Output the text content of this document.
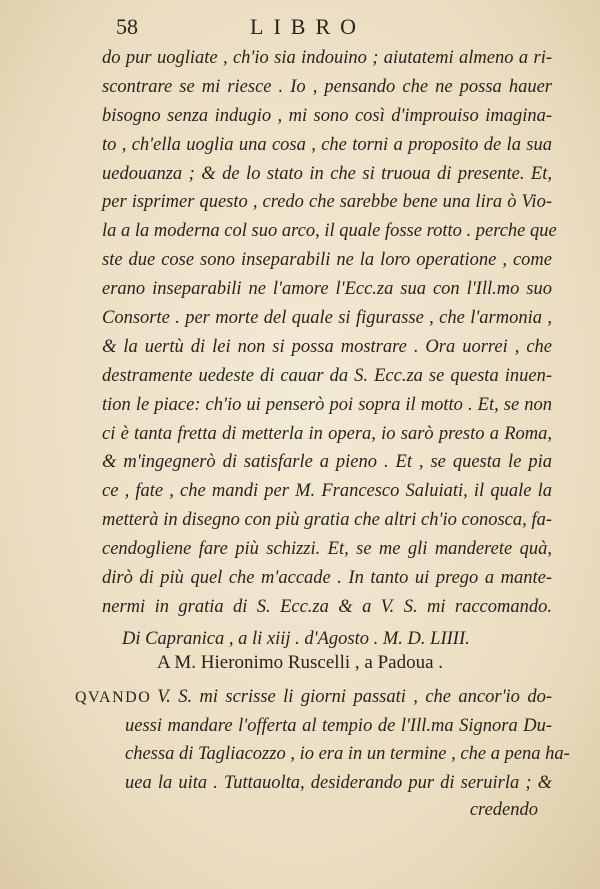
58	LIBRO
do pur uogliate , ch'io sia indouino ; aiutatemi almeno a ri-
scontrare se mi riesce . Io , pensando che ne possa hauer
bisogno senza indugio , mi sono così d'improuiso imagina-
to , ch'ella uoglia una cosa , che torni a proposito de la sua
uedouanza ; & de lo stato in che si truoua di presente. Et,
per isprimer questo , credo che sarebbe bene una lira ò Vio-
la a la moderna col suo arco, il quale fosse rotto . perche que
ste due cose sono inseparabili ne la loro operatione , come
erano inseparabili ne l'amore l'Ecc.za sua con l'Ill.mo suo
Consorte . per morte del quale si figurasse , che l'armonia ,
& la uertù di lei non si possa mostrare . Ora uorrei , che
destramente uedeste di cauar da S. Ecc.za se questa inuen-
tion le piace: ch'io ui penserò poi sopra il motto . Et, se non
ci è tanta fretta di metterla in opera, io sarò presto a Roma,
& m'ingegnerò di satisfarle a pieno . Et , se questa le pia
ce , fate , che mandi per M. Francesco Saluiati, il quale la
metterà in disegno con più gratia che altri ch'io conosca, fa-
cendogliene fare più schizzi. Et, se me gli manderete quà,
dirò di più quel che m'accade . In tanto ui prego a mante-
nermi in gratia di S. Ecc.za & a V. S. mi raccomando.
Di Capranica , a li xiij . d'Agosto . M. D. LIIII.
A M. Hieronimo Ruscelli , a Padoua .
QVANDO V. S. mi scrisse li giorni passati , che ancor'io do-
uessi mandare l'offerta al tempio de l'Ill.ma Signora Du-
chessa di Tagliacozzo , io era in un termine , che a pena ha-
uea la uita . Tuttauolta, desiderando pur di seruirla ; &
credendo
